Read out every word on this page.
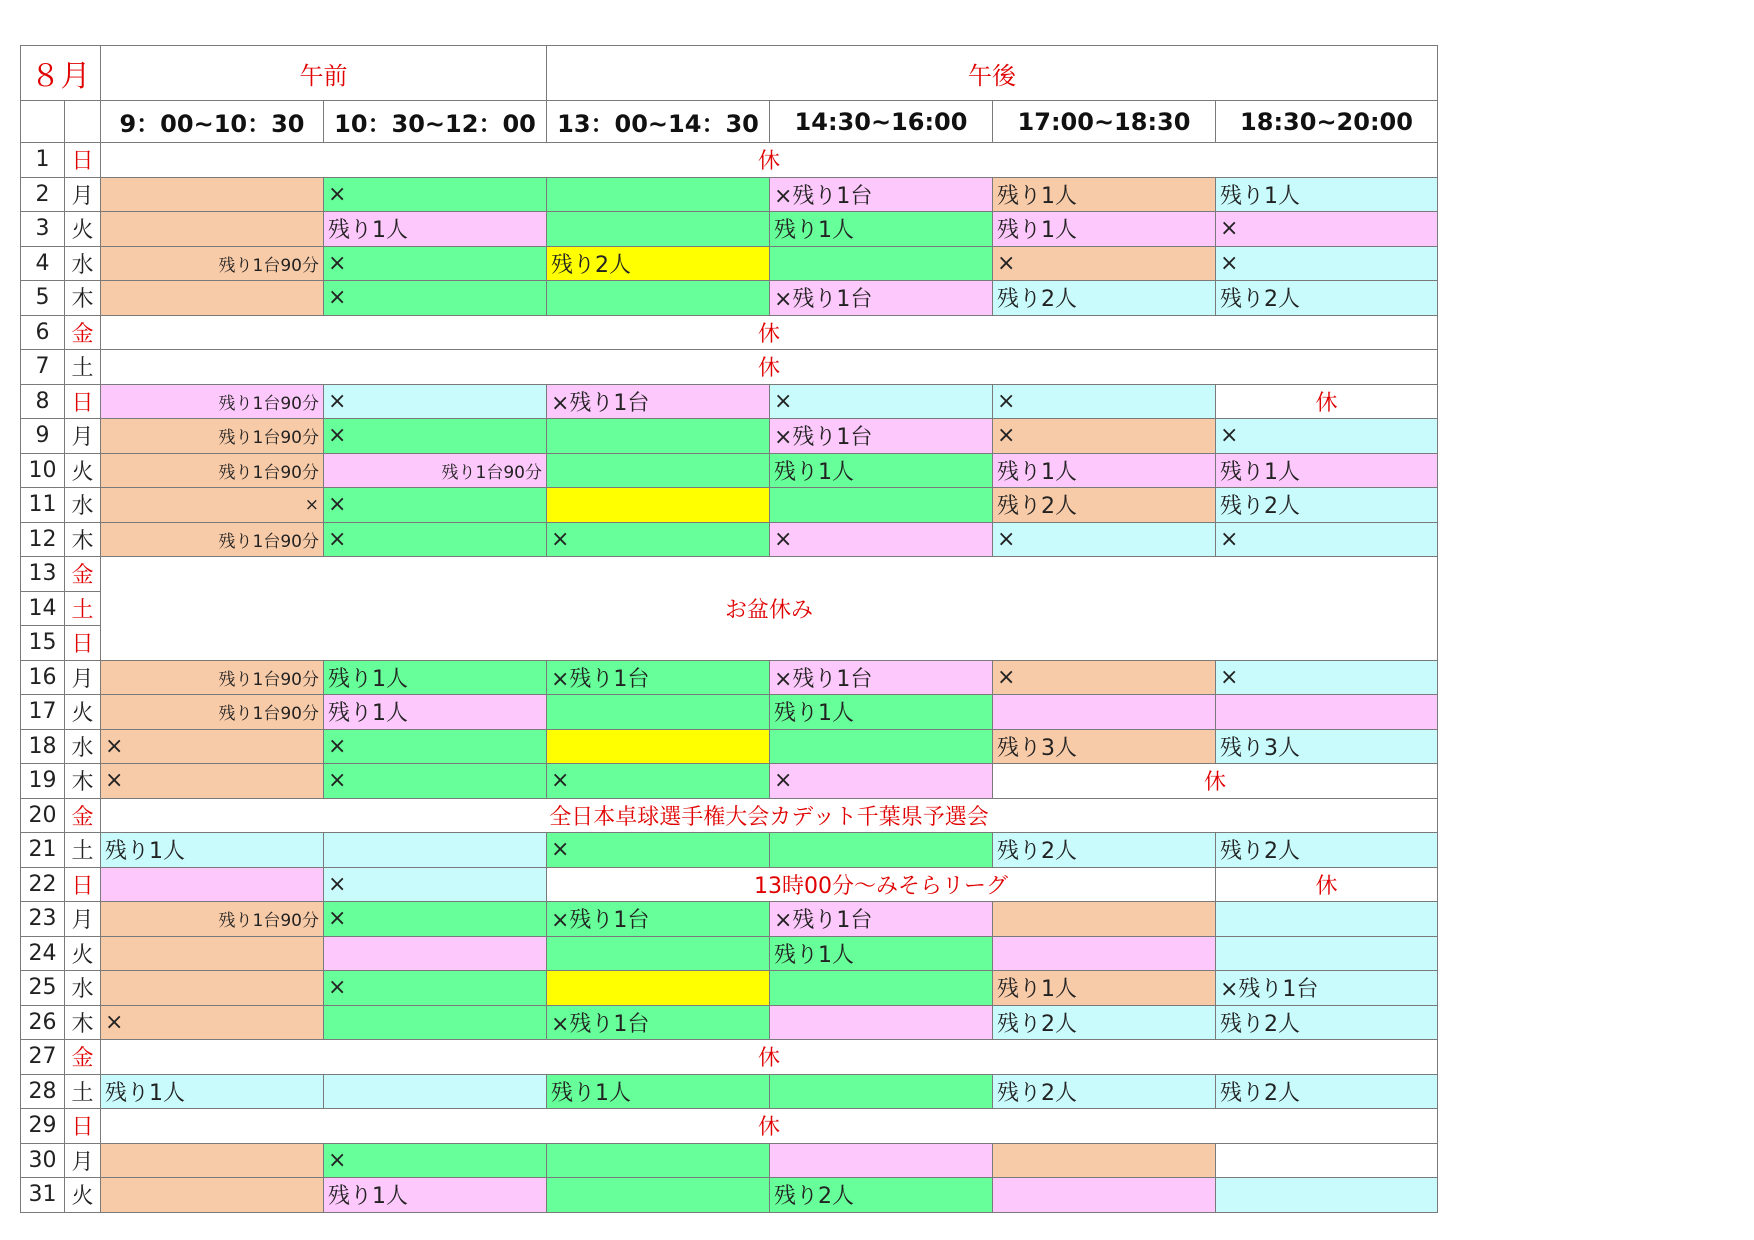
８月		午前		午後			
		9：00~10：30	10：30~12：00	13：00~14：30	14:30~16:00	17:00~18:30	18:30~20:00
1	日	休					
2	月		×		×残り1台	残り1人	残り1人
3	火		残り1人		残り1人	残り1人	×
4	水	残り1台90分	×	残り2人		×	×
5	木		×		×残り1台	残り2人	残り2人
6	金	休					
7	土	休					
8	日	残り1台90分	×	×残り1台	×	×	休
9	月	残り1台90分	×		×残り1台	×	×
10	火	残り1台90分	残り1台90分		残り1人	残り1人	残り1人
11	水	×	×			残り2人	残り2人
12	木	残り1台90分	×	×	×	×	×
13	金	お盆休み					
14	土						
15	日						
16	月	残り1台90分	残り1人	×残り1台	×残り1台	×	×
17	火	残り1台90分	残り1人		残り1人		
18	水	×	×			残り3人	残り3人
19	木	×	×	×	×	休	
20	金	全日本卓球選手権大会カデット千葉県予選会					
21	土	残り1人		×		残り2人	残り2人
22	日		×	13時00分～みそらリーグ			休
23	月	残り1台90分	×	×残り1台	×残り1台		
24	火				残り1人		
25	水		×			残り1人	×残り1台
26	木	×		×残り1台		残り2人	残り2人
27	金	休					
28	土	残り1人		残り1人		残り2人	残り2人
29	日	休					
30	月		×				
31	火		残り1人		残り2人		
